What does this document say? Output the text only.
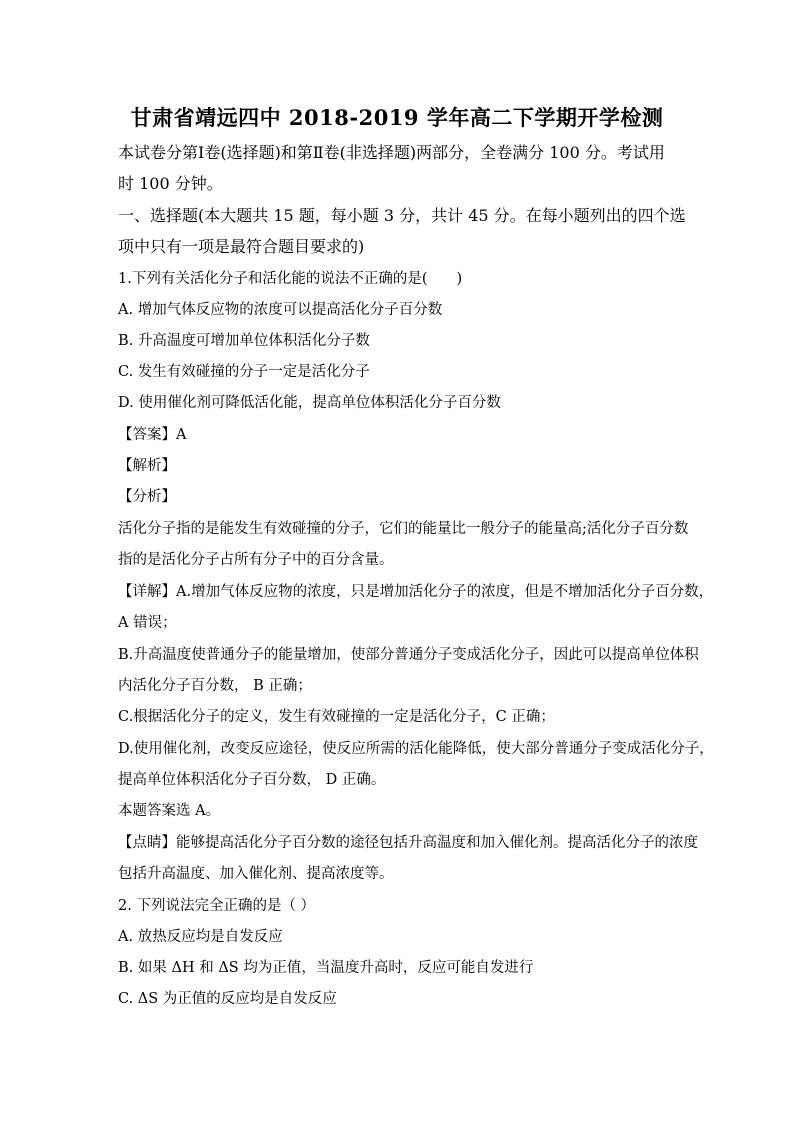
甘肃省靖远四中 2018-2019 学年高二下学期开学检测
本试卷分第Ⅰ卷(选择题)和第Ⅱ卷(非选择题)两部分，全卷满分 100 分。考试用
时 100 分钟。
一、选择题(本大题共 15 题，每小题 3 分，共计 45 分。在每小题列出的四个选
项中只有一项是最符合题目要求的)
1.下列有关活化分子和活化能的说法不正确的是(　　)
A. 增加气体反应物的浓度可以提高活化分子百分数
B. 升高温度可增加单位体积活化分子数
C. 发生有效碰撞的分子一定是活化分子
D. 使用催化剂可降低活化能，提高单位体积活化分子百分数
【答案】A
【解析】
【分析】
活化分子指的是能发生有效碰撞的分子，它们的能量比一般分子的能量高;活化分子百分数
指的是活化分子占所有分子中的百分含量。
【详解】A.增加气体反应物的浓度，只是增加活化分子的浓度，但是不增加活化分子百分数，
A 错误；
B.升高温度使普通分子的能量增加，使部分普通分子变成活化分子，因此可以提高单位体积
内活化分子百分数， B 正确；
C.根据活化分子的定义，发生有效碰撞的一定是活化分子，C 正确；
D.使用催化剂，改变反应途径，使反应所需的活化能降低，使大部分普通分子变成活化分子，
提高单位体积活化分子百分数， D 正确。
本题答案选 A。
【点睛】能够提高活化分子百分数的途径包括升高温度和加入催化剂。提高活化分子的浓度
包括升高温度、加入催化剂、提高浓度等。
2. 下列说法完全正确的是（ ）
A. 放热反应均是自发反应
B. 如果 ΔH 和 ΔS 均为正值，当温度升高时，反应可能自发进行
C. ΔS 为正值的反应均是自发反应
